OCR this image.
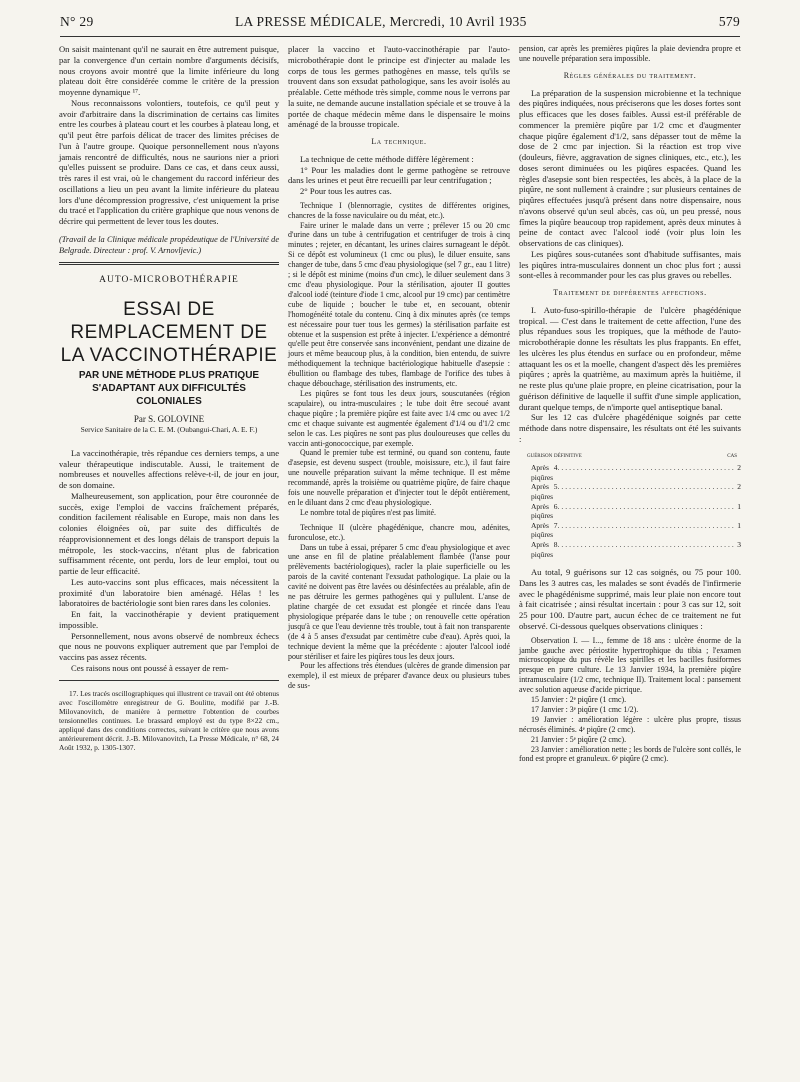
N° 29	LA PRESSE MÉDICALE, Mercredi, 10 Avril 1935	579

On saisit maintenant qu'il ne saurait en être autrement puisque, par la convergence d'un certain nombre d'arguments décisifs, nous croyons avoir montré que la limite inférieure du long plateau doit être considérée comme le critère de la pression moyenne dynamique ¹⁷.

Nous reconnaissons volontiers, toutefois, ce qu'il peut y avoir d'arbitraire dans la discrimination de certains cas limites entre les courbes à plateau court et les courbes à plateau long, et qu'il peut être parfois délicat de tracer des limites précises de l'un à l'autre groupe. Quoique personnellement nous n'ayons jamais rencontré de difficultés, nous ne saurions nier a priori qu'elles puissent se produire. Dans ce cas, et dans ceux aussi, très rares il est vrai, où le changement du raccord inférieur des oscillations a lieu un peu avant la limite inférieure du plateau lors d'une décompression progressive, c'est uniquement la prise du tracé et l'application du critère graphique que nous venons de décrire qui permettent de lever tous les doutes.

(Travail de la Clinique médicale propédeutique de l'Université de Belgrade. Directeur : prof. V. Arnovljevic.)
AUTO-MICROBOTHÉRAPIE
ESSAI DE REMPLACEMENT DE LA VACCINOTHÉRAPIE
PAR UNE MÉTHODE PLUS PRATIQUE S'ADAPTANT AUX DIFFICULTÉS COLONIALES
Par S. GOLOVINE
Service Sanitaire de la C. E. M. (Oubangui-Chari, A. E. F.)

La vaccinothérapie, très répandue ces derniers temps, a une valeur thérapeutique indiscutable. Aussi, le traitement de nombreuses et nouvelles affections relève-t-il, de jour en jour, de son domaine.

Malheureusement, son application, pour être couronnée de succès, exige l'emploi de vaccins fraîchement préparés, condition facilement réalisable en Europe, mais non dans les colonies éloignées où, par suite des difficultés de réapprovisionnement et des longs délais de transport depuis la métropole, les stock-vaccins, n'étant plus de fabrication suffisamment récente, ont perdu, lors de leur emploi, tout ou partie de leur efficacité.

Les auto-vaccins sont plus efficaces, mais nécessitent la proximité d'un laboratoire bien aménagé. Hélas ! les laboratoires de bactériologie sont bien rares dans les colonies.

En fait, la vaccinothérapie y devient pratiquement impossible.

Personnellement, nous avons observé de nombreux échecs que nous ne pouvons expliquer autrement que par l'emploi de vaccins pas assez récents.

Ces raisons nous ont poussé à essayer de rem-

17. Les tracés oscillographiques qui illustrent ce travail ont été obtenus avec l'oscillomètre enregistreur de G. Boulitte, modifié par J.-B. Milovanovitch, de manière à permettre l'obtention de courbes tensionnelles continues. Le brassard employé est du type 8×22 cm., appliqué dans des conditions correctes, suivant le critère que nous avons antérieurement décrit. J.-B. Milovanovitch, La Presse Médicale, n° 68, 24 Août 1932, p. 1305-1307.

placer la vaccino et l'auto-vaccinothérapie par l'auto-microbothérapie dont le principe est d'injecter au malade les corps de tous les germes pathogènes en masse, tels qu'ils se trouvent dans son exsudat pathologique, sans les avoir isolés au préalable. Cette méthode très simple, comme nous le verrons par la suite, ne demande aucune installation spéciale et se trouve à la portée de chaque médecin même dans le dispensaire le moins aménagé de la brousse tropicale.

La technique.

La technique de cette méthode diffère légèrement :

1° Pour les maladies dont le germe pathogène se retrouve dans les urines et peut être recueilli par leur centrifugation ;

2° Pour tous les autres cas.

Technique I (blennorragie, cystites de différentes origines, chancres de la fosse naviculaire ou du méat, etc.).

Faire uriner le malade dans un verre ; prélever 15 ou 20 cmc d'urine dans un tube à centrifugation et centrifuger de trois à cinq minutes ; rejeter, en décantant, les urines claires surnageant le dépôt. Si ce dépôt est volumineux (1 cmc ou plus), le diluer ensuite, sans changer de tube, dans 5 cmc d'eau physiologique (sel 7 gr., eau 1 litre) ; si le dépôt est minime (moins d'un cmc), le diluer seulement dans 3 cmc d'eau physiologique. Pour la stérilisation, ajouter II gouttes d'alcool iodé (teinture d'iode 1 cmc, alcool pur 19 cmc) par centimètre cube de liquide ; boucher le tube et, en secouant, obtenir l'homogénéité totale du contenu. Cinq à dix minutes après (ce temps est nécessaire pour tuer tous les germes) la stérilisation parfaite est obtenue et la suspension est prête à injecter. L'expérience a démontré qu'elle peut être conservée sans inconvénient, pendant une dizaine de jours et même beaucoup plus, à la condition, bien entendu, de suivre méthodiquement la technique bactériologique habituelle d'asepsie : ébullition ou flambage des tubes, flambage de l'orifice des tubes à chaque débouchage, stérilisation des instruments, etc.

Les piqûres se font tous les deux jours, souscutanées (région scapulaire), ou intra-musculaires ; le tube doit être secoué avant chaque piqûre ; la première piqûre est faite avec 1/4 cmc ou avec 1/2 cmc et chaque suivante est augmentée également d'1/4 ou d'1/2 cmc selon le cas. Les piqûres ne sont pas plus douloureuses que celles du vaccin anti-gonococcique, par exemple.

Quand le premier tube est terminé, ou quand son contenu, faute d'asepsie, est devenu suspect (trouble, moisissure, etc.), il faut faire une nouvelle préparation suivant la même technique. Il est même recommandé, après la troisième ou quatrième piqûre, de faire chaque fois une nouvelle préparation et d'injecter tout le dépôt entièrement, en le diluant dans 2 cmc d'eau physiologique.

Le nombre total de piqûres n'est pas limité.

Technique II (ulcère phagédénique, chancre mou, adénites, furonculose, etc.).

Dans un tube à essai, préparer 5 cmc d'eau physiologique et avec une anse en fil de platine préalablement flambée (l'anse pour prélèvements bactériologiques), racler la plaie superficielle ou les parois de la cavité contenant l'exsudat pathologique. La plaie ou la cavité ne doivent pas être lavées ou désinfectées au préalable, afin de ne pas détruire les germes pathogènes qui y pullulent. L'anse de platine chargée de cet exsudat est plongée et rincée dans l'eau physiologique préparée dans le tube ; on renouvelle cette opération jusqu'à ce que l'eau devienne très trouble, tout à fait non transparente (de 4 à 5 anses d'exsudat par centimètre cube d'eau). Après quoi, la technique devient la même que la précédente : ajouter l'alcool iodé pour stériliser et faire les piqûres tous les deux jours.

Pour les affections très étendues (ulcères de grande dimension par exemple), il est mieux de préparer d'avance deux ou plusieurs tubes de sus-

pension, car après les premières piqûres la plaie deviendra propre et une nouvelle préparation sera impossible.

Règles générales du traitement.

La préparation de la suspension microbienne et la technique des piqûres indiquées, nous préciserons que les doses fortes sont plus efficaces que les doses faibles. Aussi est-il préférable de commencer la première piqûre par 1/2 cmc et d'augmenter chaque piqûre également d'1/2, sans dépasser tout de même la dose de 2 cmc par injection. Si la réaction est trop vive (douleurs, fièvre, aggravation de signes cliniques, etc., etc.), les doses seront diminuées ou les piqûres espacées. Quand les règles d'asepsie sont bien respectées, les abcès, à la place de la piqûre, ne sont nullement à craindre ; sur plusieurs centaines de piqûres effectuées jusqu'à présent dans notre dispensaire, nous n'avons observé qu'un seul abcès, cas où, un peu pressé, nous fîmes la piqûre beaucoup trop rapidement, après deux minutes à peine de contact avec l'alcool iodé (voir plus loin les observations de cas cliniques).

Les piqûres sous-cutanées sont d'habitude suffisantes, mais les piqûres intra-musculaires donnent un choc plus fort ; aussi sont-elles à recommander pour les cas plus graves ou rebelles.

Traitement de différentes affections.

I. Auto-fuso-spirillo-thérapie de l'ulcère phagédénique tropical. — C'est dans le traitement de cette affection, l'une des plus répandues sous les tropiques, que la méthode de l'auto-microbothérapie donne les résultats les plus frappants. En effet, les ulcères les plus étendus en surface ou en profondeur, même attaquant les os et la moelle, changent d'aspect dès les premières piqûres ; après la quatrième, au maximum après la huitième, il ne reste plus qu'une plaie propre, en pleine cicatrisation, pour la guérison définitive de laquelle il suffit d'une simple application, durant quelque temps, de n'importe quel antiseptique banal.

Sur les 12 cas d'ulcère phagédénique soignés par cette méthode dans notre dispensaire, les résultats ont été les suivants :

guérison définitive	cas
Après 4 piqûres
.............................................. 2
Après 5 piqûres
.............................................. 2
Après 6 piqûres
.............................................. 1
Après 7 piqûres
.............................................. 1
Après 8 piqûres
.............................................. 3

Au total, 9 guérisons sur 12 cas soignés, ou 75 pour 100. Dans les 3 autres cas, les malades se sont évadés de l'infirmerie avec le phagédénisme supprimé, mais leur plaie non encore tout à fait cicatrisée ; ainsi résultat incertain : pour 3 cas sur 12, soit 25 pour 100. D'autre part, aucun échec de ce traitement ne fut observé. Ci-dessous quelques observations cliniques :

Observation I. — I..., femme de 18 ans : ulcère énorme de la jambe gauche avec périostite hypertrophique du tibia ; l'examen microscopique du pus révèle les spirilles et les bacilles fusiformes presque en pure culture. Le 13 Janvier 1934, la première piqûre intramusculaire (1/2 cmc, technique II). Traitement local : pansement avec solution aqueuse d'acide picrique.

15 Janvier : 2ᵉ piqûre (1 cmc).

17 Janvier : 3ᵉ piqûre (1 cmc 1/2).

19 Janvier : amélioration légère : ulcère plus propre, tissus nécrosés éliminés. 4ᵉ piqûre (2 cmc).

21 Janvier : 5ᵉ piqûre (2 cmc).

23 Janvier : amélioration nette ; les bords de l'ulcère sont collés, le fond est propre et granuleux. 6ᵉ piqûre (2 cmc).
